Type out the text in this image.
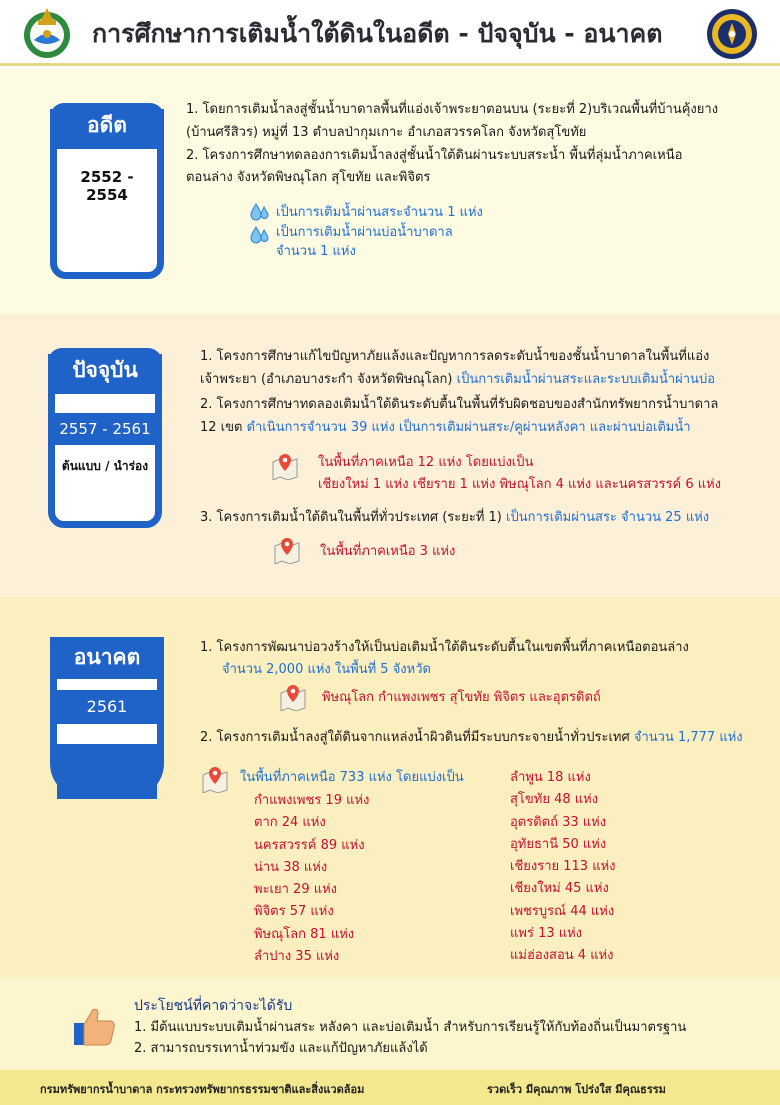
การศึกษาการเติมน้ำใต้ดินในอดีต - ปัจจุบัน - อนาคต
2552 - 2554
อดีต
1. โดยการเติมน้ำลงสู่ชั้นน้ำบาดาลพื้นที่แอ่งเจ้าพระยาตอนบน (ระยะที่ 2)บริเวณพื้นที่บ้านคุ้งยาง
(บ้านศรีสิวร) หมู่ที่ 13 ตำบลป่ากุมเกาะ อำเภอสวรรคโลก จังหวัดสุโขทัย
2. โครงการศึกษาทดลองการเติมน้ำลงสู่ชั้นน้ำใต้ดินผ่านระบบสระน้ำ พื้นที่ลุ่มน้ำภาคเหนือ
ตอนล่าง จังหวัดพิษณุโลก สุโขทัย และพิจิตร
เป็นการเติมน้ำผ่านสระจำนวน 1 แห่ง
เป็นการเติมน้ำผ่านบ่อน้ำบาดาล
จำนวน 1 แห่ง
2557 - 2561
ต้นแบบ / นำร่อง
ปัจจุบัน
1. โครงการศึกษาแก้ไขปัญหาภัยแล้งและปัญหาการลดระดับน้ำของชั้นน้ำบาดาลในพื้นที่แอ่ง
เจ้าพระยา (อำเภอบางระกำ จังหวัดพิษณุโลก) เป็นการเติมน้ำผ่านสระและระบบเติมน้ำผ่านบ่อ
2. โครงการศึกษาทดลองเติมน้ำใต้ดินระดับตื้นในพื้นที่รับผิดชอบของสำนักทรัพยากรน้ำบาดาล
12 เขต ดำเนินการจำนวน 39 แห่ง เป็นการเติมผ่านสระ/คูผ่านหลังคา และผ่านบ่อเติมน้ำ
ในพื้นที่ภาคเหนือ 12 แห่ง โดยแบ่งเป็น
เชียงใหม่ 1 แห่ง เชียราย 1 แห่ง พิษณุโลก 4 แห่ง และนครสวรรค์ 6 แห่ง
3. โครงการเติมน้ำใต้ดินในพื้นที่ทั่วประเทศ (ระยะที่ 1) เป็นการเติมผ่านสระ จำนวน 25 แห่ง
ในพื้นที่ภาคเหนือ 3 แห่ง
2561
อนาคต	1. โครงการพัฒนาบ่อวงร้างให้เป็นบ่อเติมน้ำใต้ดินระดับตื้นในเขตพื้นที่ภาคเหนือตอนล่าง
จำนวน 2,000 แห่ง ในพื้นที่ 5 จังหวัด
พิษณุโลก กำแพงเพชร สุโขทัย พิจิตร และอุตรดิตถ์
2. โครงการเติมน้ำลงสู่ใต้ดินจากแหล่งน้ำผิวดินที่มีระบบกระจายน้ำทั่วประเทศ จำนวน 1,777 แห่ง
ในพื้นที่ภาคเหนือ 733 แห่ง โดยแบ่งเป็น
กำแพงเพชร 19 แห่ง
ตาก 24 แห่ง
นครสวรรค์ 89 แห่ง
น่าน 38 แห่ง
พะเยา 29 แห่ง
พิจิตร 57 แห่ง
พิษณุโลก 81 แห่ง
ลำปาง 35 แห่ง
ลำพูน 18 แห่ง
สุโขทัย 48 แห่ง
อุตรดิตถ์ 33 แห่ง
อุทัยธานี 50 แห่ง
เชียงราย 113 แห่ง
เชียงใหม่ 45 แห่ง
เพชรบูรณ์ 44 แห่ง
แพร่ 13 แห่ง
แม่ฮ่องสอน 4 แห่ง
ประโยชน์ที่คาดว่าจะได้รับ
1. มีต้นแบบระบบเติมน้ำผ่านสระ หลังคา และบ่อเติมน้ำ สำหรับการเรียนรู้ให้กับท้องถิ่นเป็นมาตรฐาน
2. สามารถบรรเทาน้ำท่วมขัง และแก้ปัญหาภัยแล้งได้
กรมทรัพยากรน้ำบาดาล กระทรวงทรัพยากรธรรมชาติและสิ่งแวดล้อม	รวดเร็ว มีคุณภาพ โปร่งใส มีคุณธรรม
